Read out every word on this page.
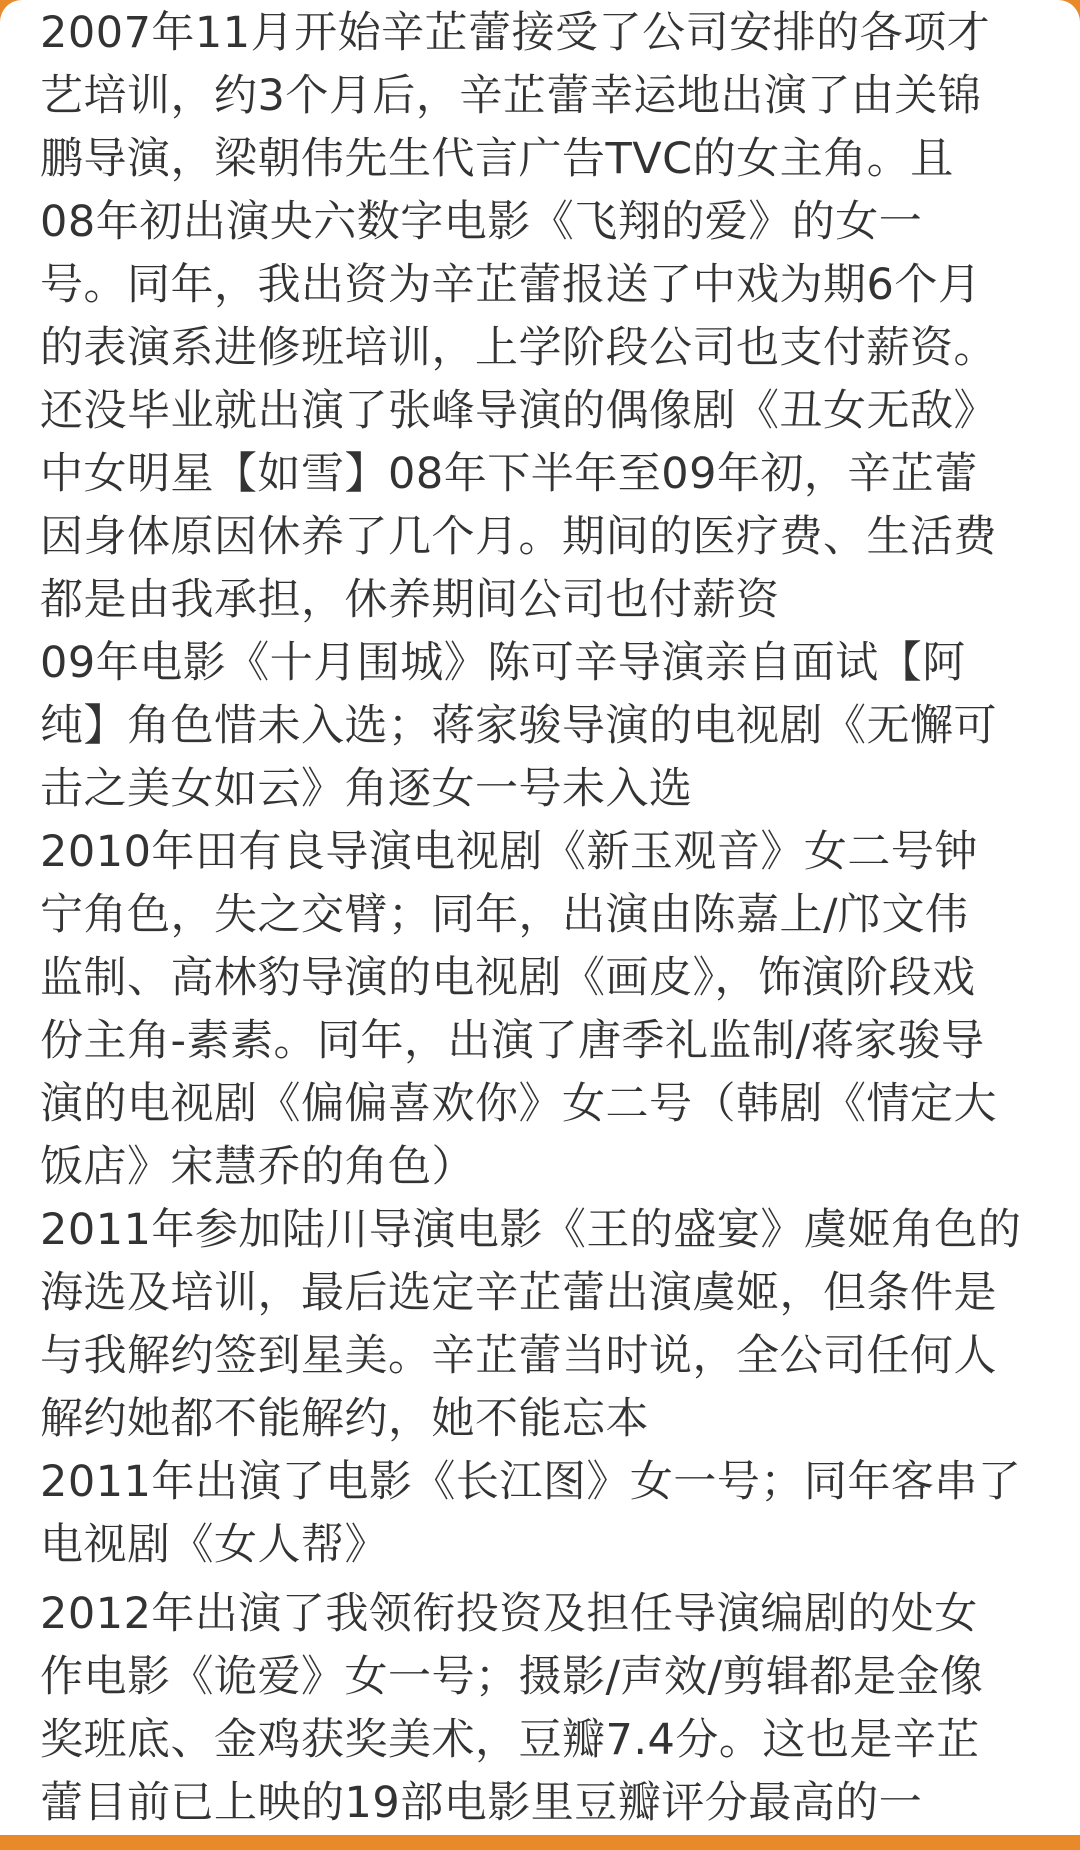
2007年11月开始辛芷蕾接受了公司安排的各项才
艺培训，约3个月后，辛芷蕾幸运地出演了由关锦
鹏导演，梁朝伟先生代言广告TVC的女主角。且
08年初出演央六数字电影《飞翔的爱》的女一
号。同年，我出资为辛芷蕾报送了中戏为期6个月
的表演系进修班培训，上学阶段公司也支付薪资。
还没毕业就出演了张峰导演的偶像剧《丑女无敌》
中女明星【如雪】08年下半年至09年初，辛芷蕾
因身体原因休养了几个月。期间的医疗费、生活费
都是由我承担，休养期间公司也付薪资
09年电影《十月围城》陈可辛导演亲自面试【阿
纯】角色惜未入选；蒋家骏导演的电视剧《无懈可
击之美女如云》角逐女一号未入选
2010年田有良导演电视剧《新玉观音》女二号钟
宁角色，失之交臂；同年，出演由陈嘉上/邝文伟
监制、高林豹导演的电视剧《画皮》，饰演阶段戏
份主角-素素。同年，出演了唐季礼监制/蒋家骏导
演的电视剧《偏偏喜欢你》女二号（韩剧《情定大
饭店》宋慧乔的角色）
2011年参加陆川导演电影《王的盛宴》虞姬角色的
海选及培训，最后选定辛芷蕾出演虞姬，但条件是
与我解约签到星美。辛芷蕾当时说，全公司任何人
解约她都不能解约，她不能忘本
2011年出演了电影《长江图》女一号；同年客串了
电视剧《女人帮》
2012年出演了我领衔投资及担任导演编剧的处女
作电影《诡爱》女一号；摄影/声效/剪辑都是金像
奖班底、金鸡获奖美术，豆瓣7.4分。这也是辛芷
蕾目前已上映的19部电影里豆瓣评分最高的一
